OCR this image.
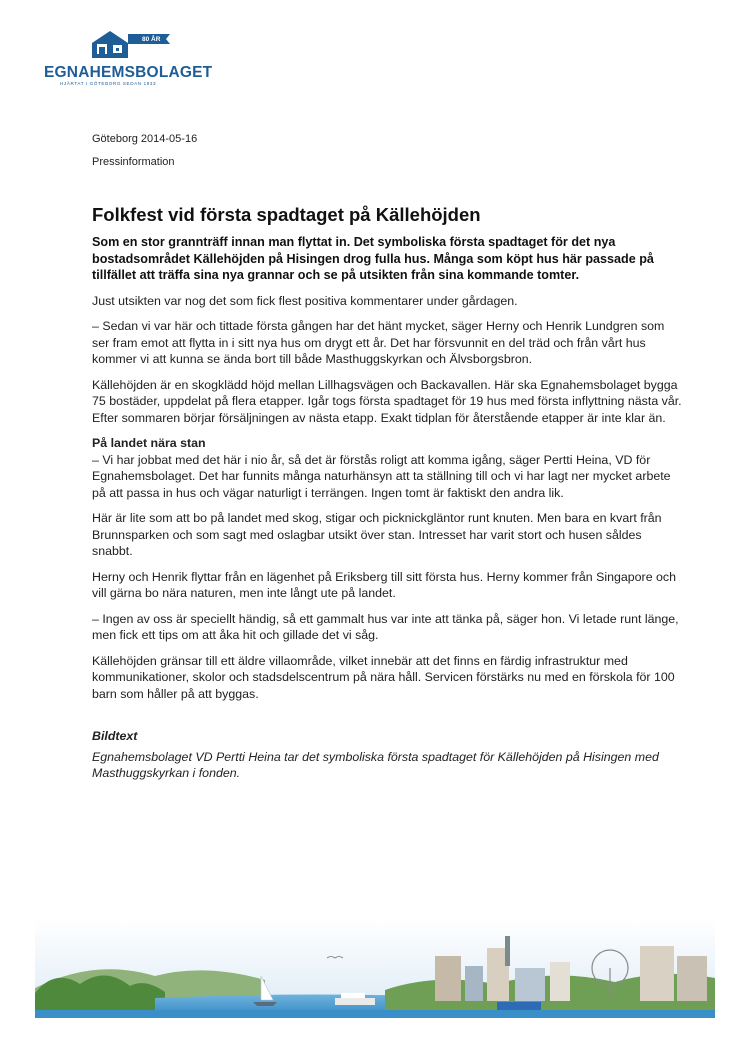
80 ÅR
EGNAHEMSBOLAGET
HJÄRTAT I GÖTEBORG SEDAN 1933
Göteborg 2014-05-16
Pressinformation
Folkfest vid första spadtaget på Källehöjden

Som en stor grannträff innan man flyttat in. Det symboliska första spadtaget för det nya bostadsområdet Källehöjden på Hisingen drog fulla hus. Många som köpt hus här passade på tillfället att träffa sina nya grannar och se på utsikten från sina kommande tomter.

Just utsikten var nog det som fick flest positiva kommentarer under gårdagen.

– Sedan vi var här och tittade första gången har det hänt mycket, säger Herny och Henrik Lundgren som ser fram emot att flytta in i sitt nya hus om drygt ett år. Det har försvunnit en del träd och från vårt hus kommer vi att kunna se ända bort till både Masthuggskyrkan och Älvsborgsbron.

Källehöjden är en skogklädd höjd mellan Lillhagsvägen och Backavallen. Här ska Egnahemsbolaget bygga 75 bostäder, uppdelat på flera etapper. Igår togs första spadtaget för 19 hus med första inflyttning nästa vår. Efter sommaren börjar försäljningen av nästa etapp. Exakt tidplan för återstående etapper är inte klar än.

På landet nära stan
– Vi har jobbat med det här i nio år, så det är förstås roligt att komma igång, säger Pertti Heina, VD för Egnahemsbolaget. Det har funnits många naturhänsyn att ta ställning till och vi har lagt ner mycket arbete på att passa in hus och vägar naturligt i terrängen. Ingen tomt är faktiskt den andra lik.

Här är lite som att bo på landet med skog, stigar och picknickgläntor runt knuten. Men bara en kvart från Brunnsparken och som sagt med oslagbar utsikt över stan. Intresset har varit stort och husen såldes snabbt.

Herny och Henrik flyttar från en lägenhet på Eriksberg till sitt första hus. Herny kommer från Singapore och vill gärna bo nära naturen, men inte långt ute på landet.

– Ingen av oss är speciellt händig, så ett gammalt hus var inte att tänka på, säger hon. Vi letade runt länge, men fick ett tips om att åka hit och gillade det vi såg.

Källehöjden gränsar till ett äldre villaområde, vilket innebär att det finns en färdig infrastruktur med kommunikationer, skolor och stadsdelscentrum på nära håll. Servicen förstärks nu med en förskola för 100 barn som håller på att byggas.

Bildtext

Egnahemsbolaget VD Pertti Heina tar det symboliska första spadtaget för Källehöjden på Hisingen med Masthuggskyrkan i fonden.
